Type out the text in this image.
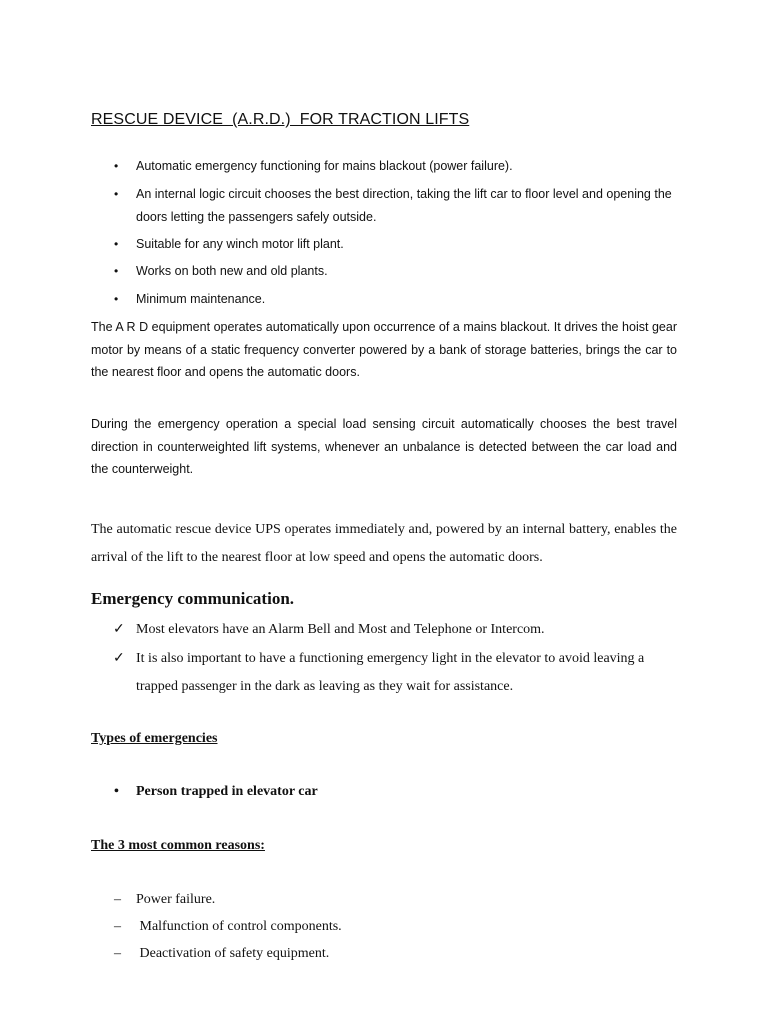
RESCUE DEVICE  (A.R.D.)  FOR TRACTION LIFTS
• Automatic emergency functioning for mains blackout (power failure).
• An internal logic circuit chooses the best direction, taking the lift car to floor level and opening the doors letting the passengers safely outside.
• Suitable for any winch motor lift plant.
• Works on both new and old plants.
• Minimum maintenance.

The A R D equipment operates automatically upon occurrence of a mains blackout. It drives the hoist gear motor by means of a static frequency converter powered by a bank of storage batteries, brings the car to the nearest floor and opens the automatic doors.

During the emergency operation a special load sensing circuit automatically chooses the best travel direction in counterweighted lift systems, whenever an unbalance is detected between the car load and the counterweight.

The automatic rescue device UPS operates immediately and, powered by an internal battery, enables the arrival of the lift to the nearest floor at low speed and opens the automatic doors.

Emergency communication.
✓ Most elevators have an Alarm Bell and Most and Telephone or Intercom.
✓ It is also important to have a functioning emergency light in the elevator to avoid leaving a trapped passenger in the dark as leaving as they wait for assistance.
Types of emergencies
• Person trapped in elevator car
The 3 most common reasons:
– Power failure.
– Malfunction of control components.
– Deactivation of safety equipment.
